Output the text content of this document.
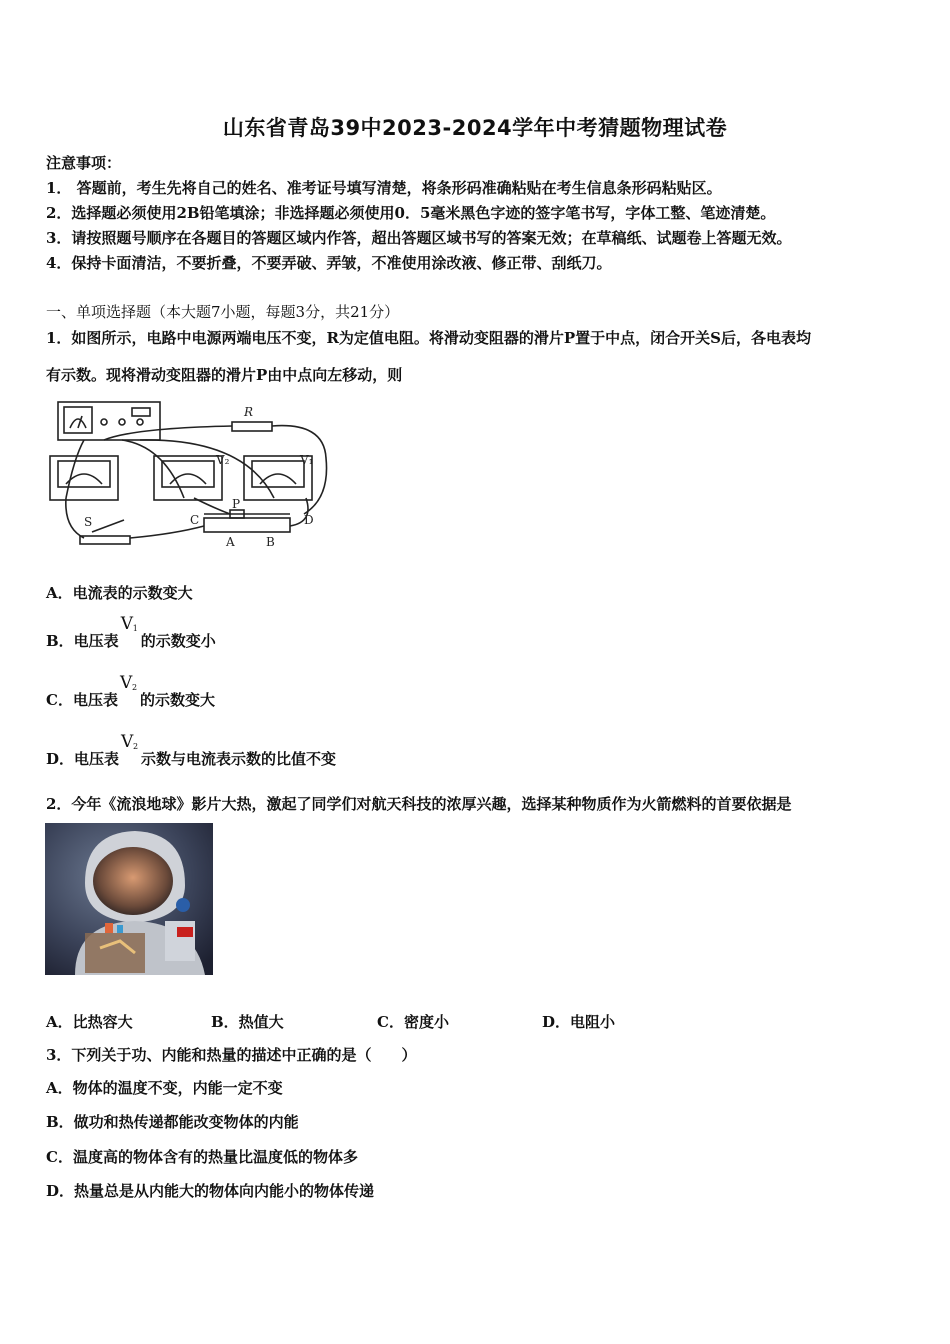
山东省青岛39中2023-2024学年中考猜题物理试卷
注意事项：
1． 答题前，考生先将自己的姓名、准考证号填写清楚，将条形码准确粘贴在考生信息条形码粘贴区。
2．选择题必须使用2B铅笔填涂；非选择题必须使用0．5毫米黑色字迹的签字笔书写，字体工整、笔迹清楚。
3．请按照题号顺序在各题目的答题区域内作答，超出答题区域书写的答案无效；在草稿纸、试题卷上答题无效。
4．保持卡面清洁，不要折叠，不要弄破、弄皱，不准使用涂改液、修正带、刮纸刀。
一、单项选择题（本大题7小题，每题3分，共21分）
1．如图所示，电路中电源两端电压不变，R为定值电阻。将滑动变阻器的滑片P置于中点，闭合开关S后，各电表均
有示数。现将滑动变阻器的滑片P由中点向左移动，则
R
V₂	V₁
S
P
C	D
A	B
A．电流表的示数变大
B．电压表
V 1
的示数变小
C．电压表
V 2
的示数变大
D．电压表
V 2
示数与电流表示数的比值不变
2．今年《流浪地球》影片大热，激起了同学们对航天科技的浓厚兴趣，选择某种物质作为火箭燃料的首要依据是
A．比热容大	B．热值大	C．密度小	D．电阻小
3．下列关于功、内能和热量的描述中正确的是（　　）
A．物体的温度不变，内能一定不变
B．做功和热传递都能改变物体的内能
C．温度高的物体含有的热量比温度低的物体多
D．热量总是从内能大的物体向内能小的物体传递
